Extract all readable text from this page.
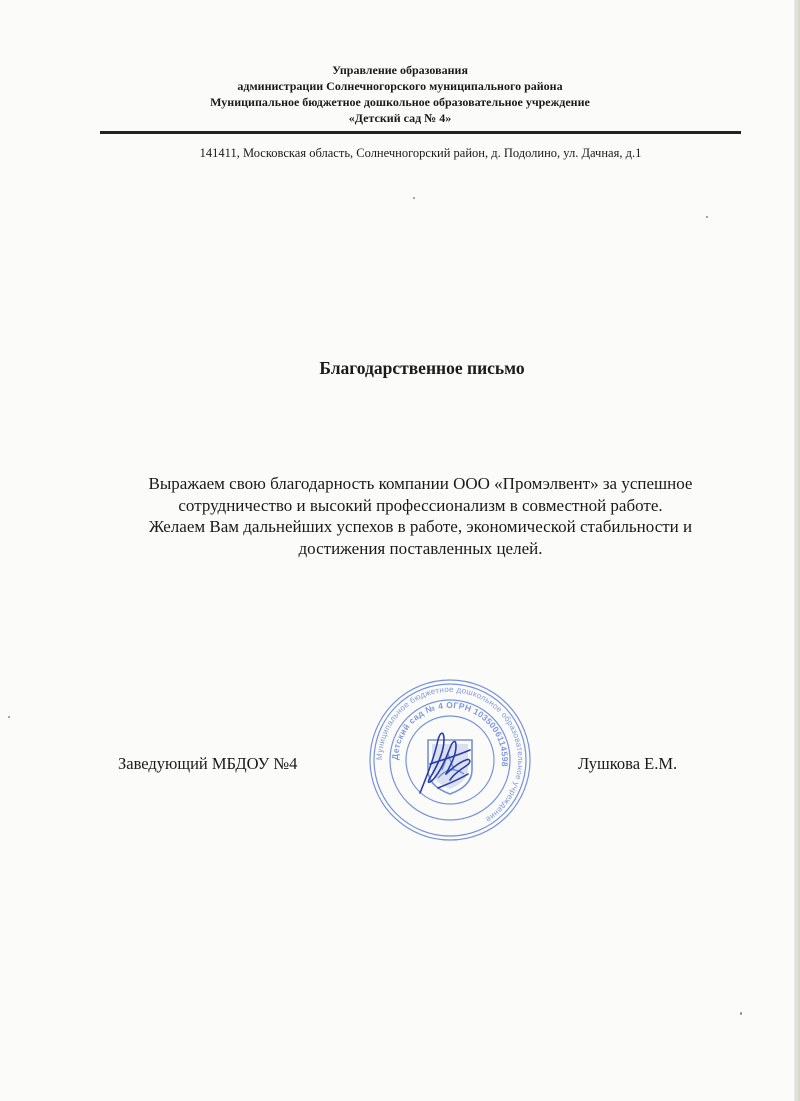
Управление образования
администрации Солнечногорского муниципального района
Муниципальное бюджетное дошкольное образовательное учреждение
«Детский сад № 4»
141411, Московская область, Солнечногорский район, д. Подолино, ул. Дачная, д.1
Благодарственное письмо
Выражаем свою благодарность компании ООО «Промэлвент» за успешное
сотрудничество и высокий профессионализм в совместной работе.
Желаем Вам дальнейших успехов в работе, экономической стабильности и
достижения поставленных целей.
Заведующий МБДОУ №4	Лушкова Е.М.
Муниципальное бюджетное дошкольное образовательное учреждение
Детский сад № 4 ОГРН 1035006114598
